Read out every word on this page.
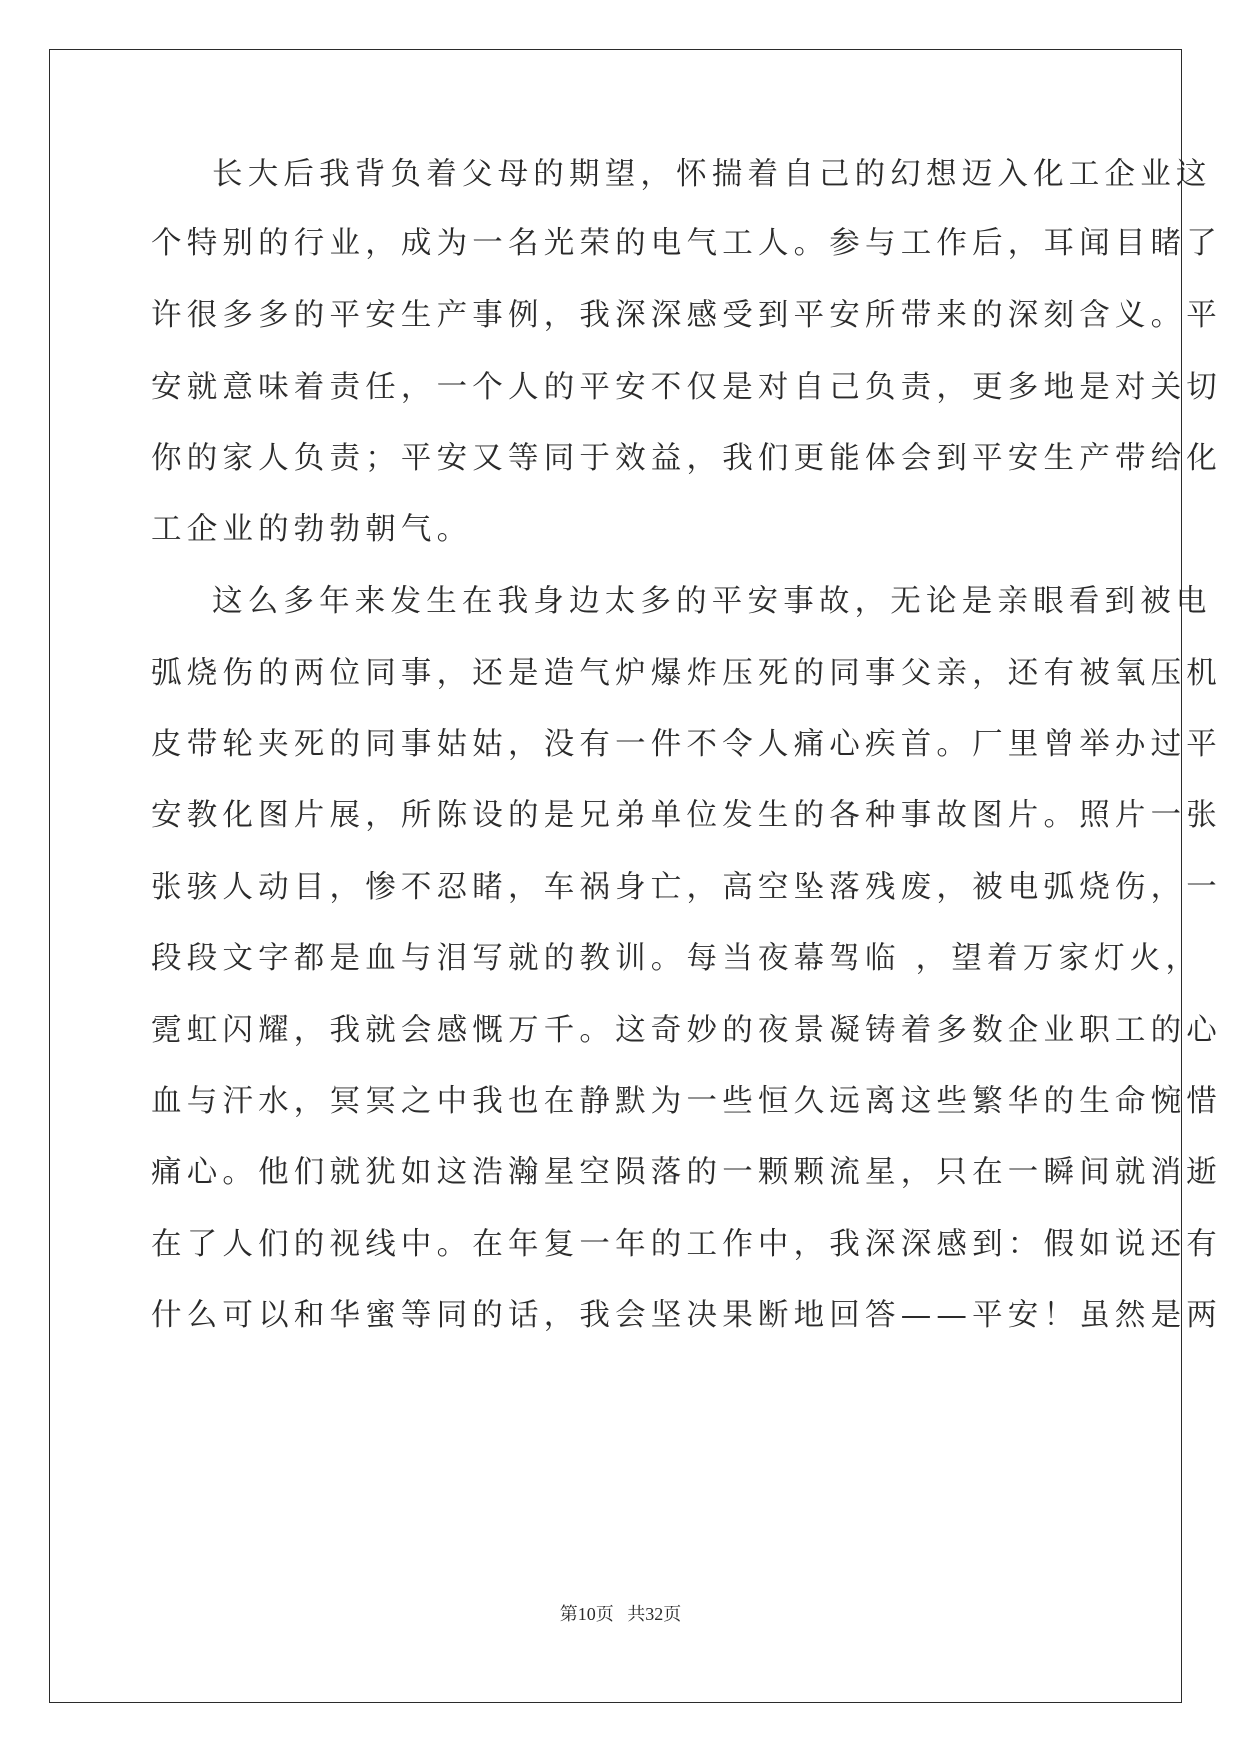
长大后我背负着父母的期望，怀揣着自己的幻想迈入化工企业这
个特别的行业，成为一名光荣的电气工人。参与工作后，耳闻目睹了
许很多多的平安生产事例，我深深感受到平安所带来的深刻含义。平
安就意味着责任，一个人的平安不仅是对自己负责，更多地是对关切
你的家人负责；平安又等同于效益，我们更能体会到平安生产带给化
工企业的勃勃朝气。
这么多年来发生在我身边太多的平安事故，无论是亲眼看到被电
弧烧伤的两位同事，还是造气炉爆炸压死的同事父亲，还有被氧压机
皮带轮夹死的同事姑姑，没有一件不令人痛心疾首。厂里曾举办过平
安教化图片展，所陈设的是兄弟单位发生的各种事故图片。照片一张
张骇人动目，惨不忍睹，车祸身亡，高空坠落残废，被电弧烧伤，一
段段文字都是血与泪写就的教训。每当夜幕驾临 ，望着万家灯火，
霓虹闪耀，我就会感慨万千。这奇妙的夜景凝铸着多数企业职工的心
血与汗水，冥冥之中我也在静默为一些恒久远离这些繁华的生命惋惜
痛心。他们就犹如这浩瀚星空陨落的一颗颗流星，只在一瞬间就消逝
在了人们的视线中。在年复一年的工作中，我深深感到：假如说还有
什么可以和华蜜等同的话，我会坚决果断地回答——平安！虽然是两
第10页 共32页
